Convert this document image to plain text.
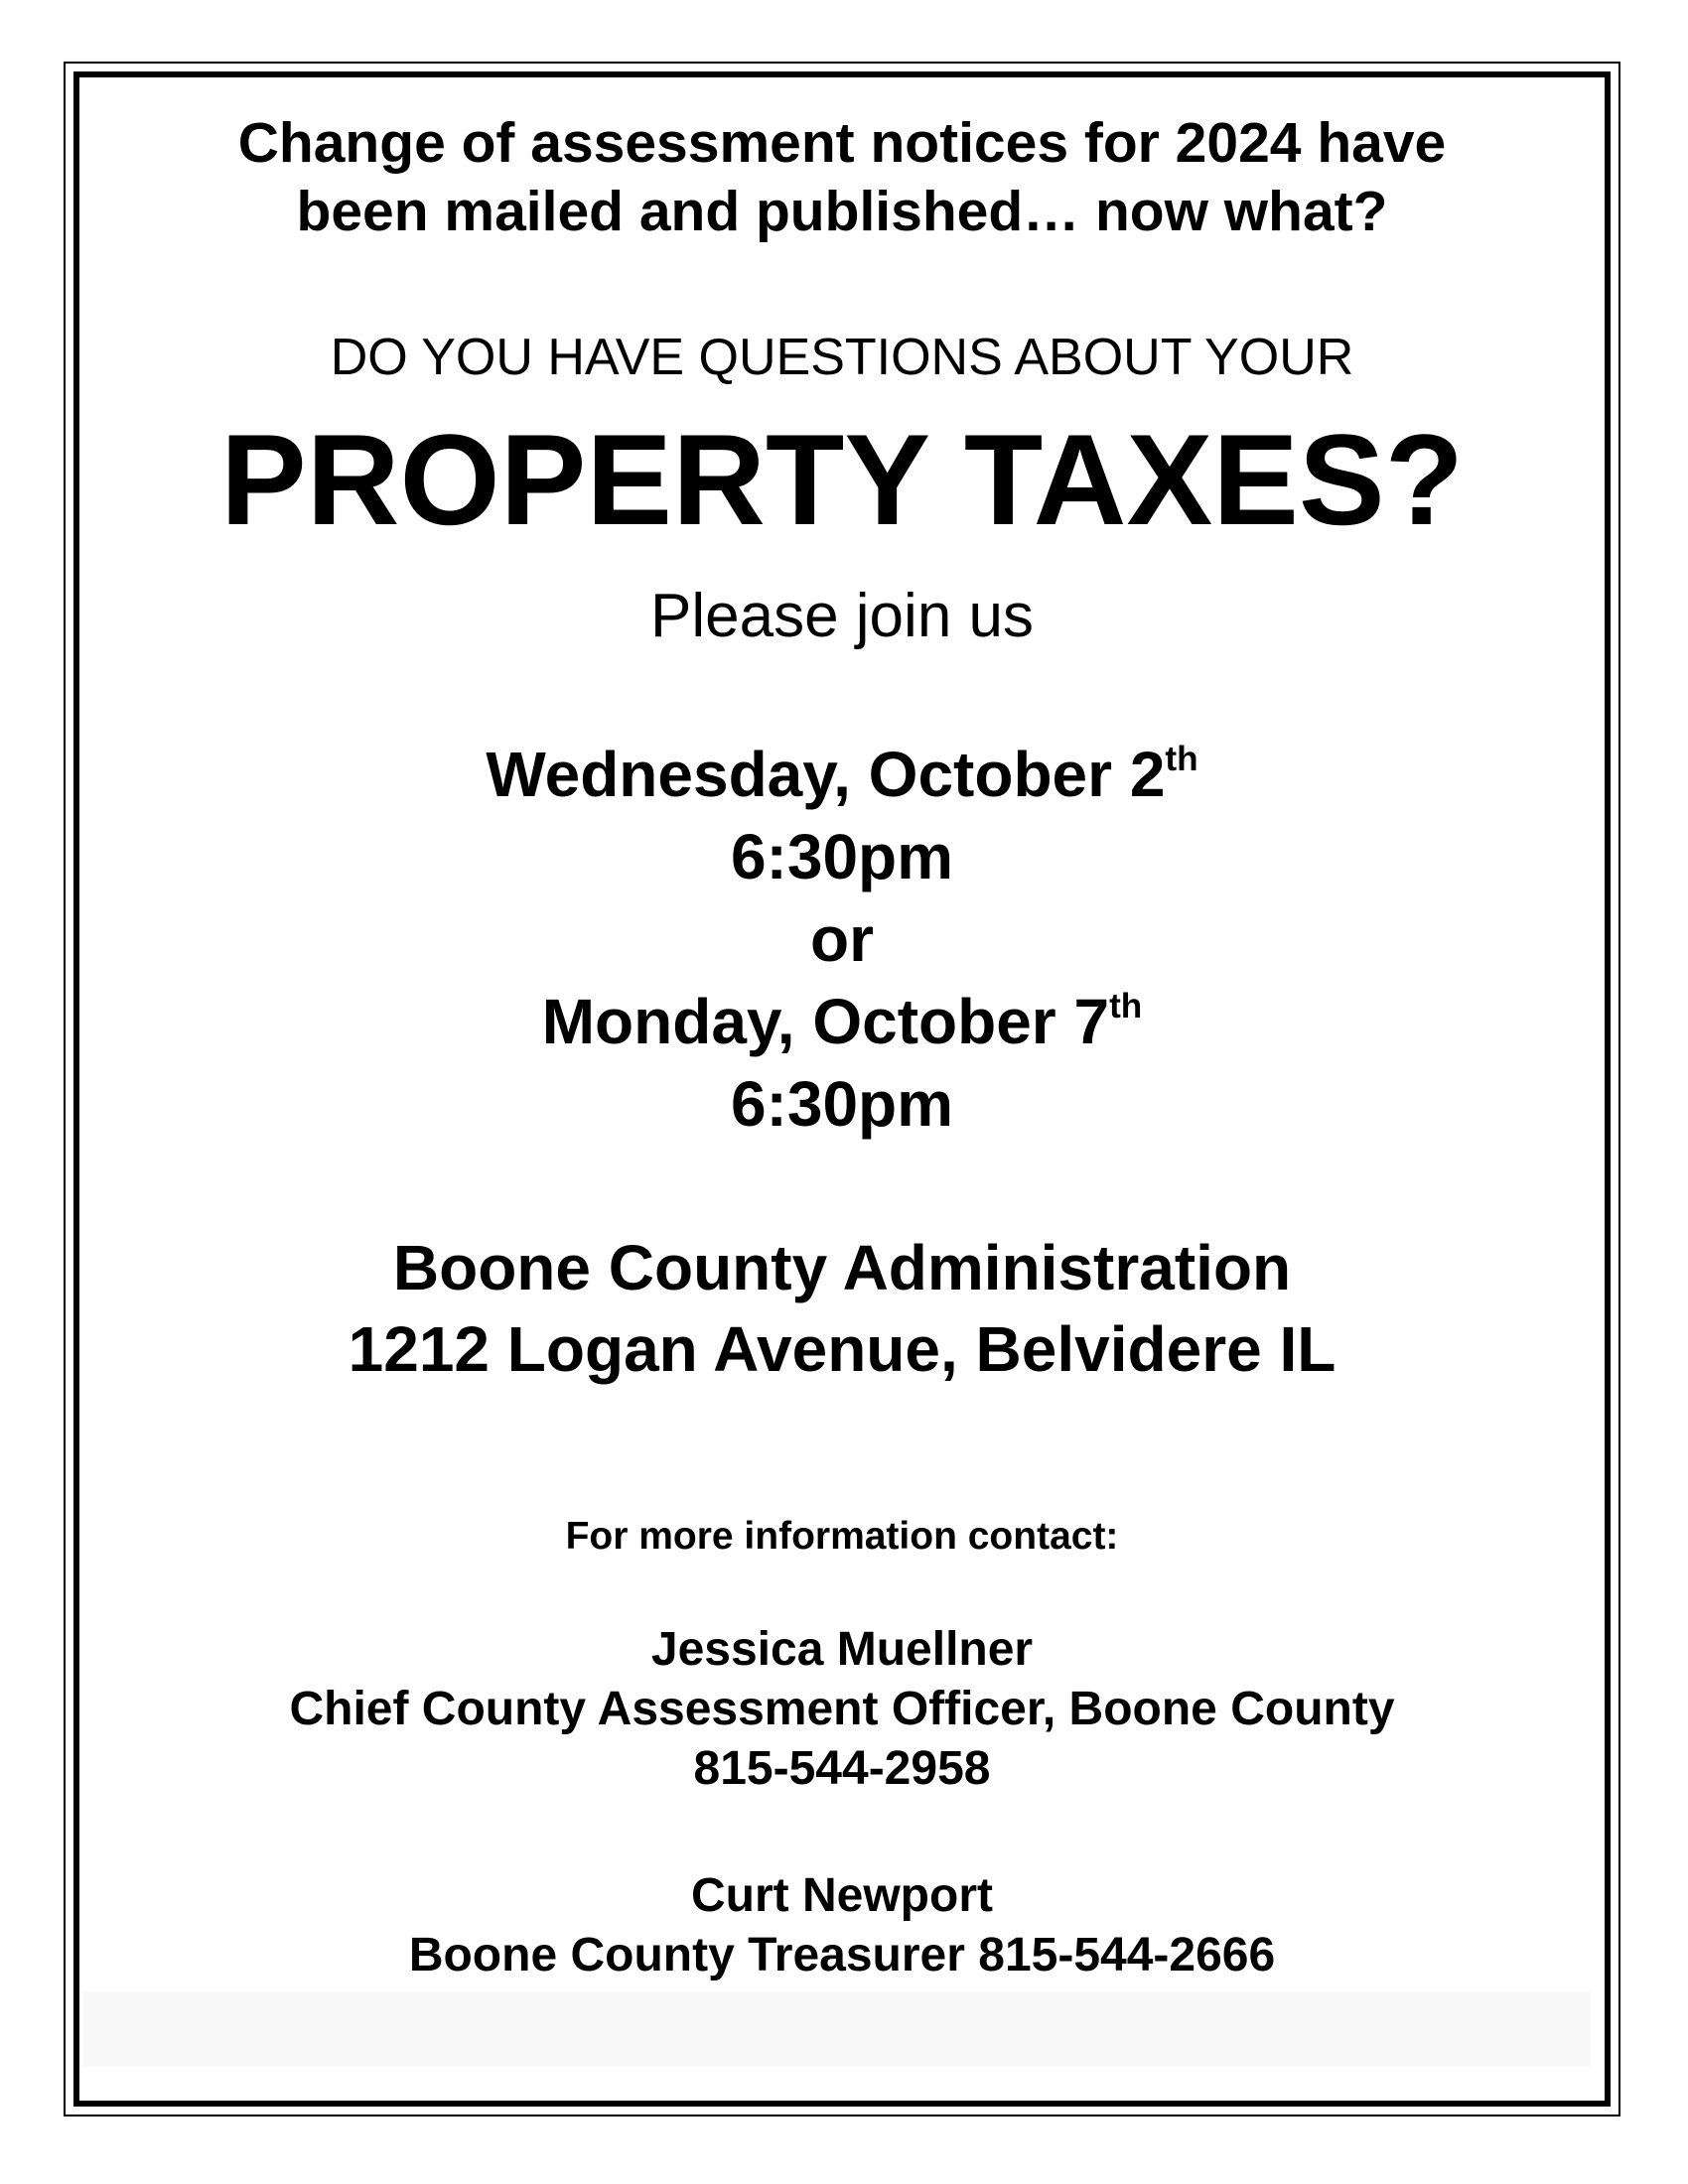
Change of assessment notices for 2024 have
been mailed and published… now what?
DO YOU HAVE QUESTIONS ABOUT YOUR
PROPERTY TAXES?
Please join us
Wednesday, October 2th
6:30pm
or
Monday, October 7th
6:30pm
Boone County Administration
1212 Logan Avenue, Belvidere IL
For more information contact:
Jessica Muellner
Chief County Assessment Officer, Boone County
815-544-2958
Curt Newport
Boone County Treasurer 815-544-2666
